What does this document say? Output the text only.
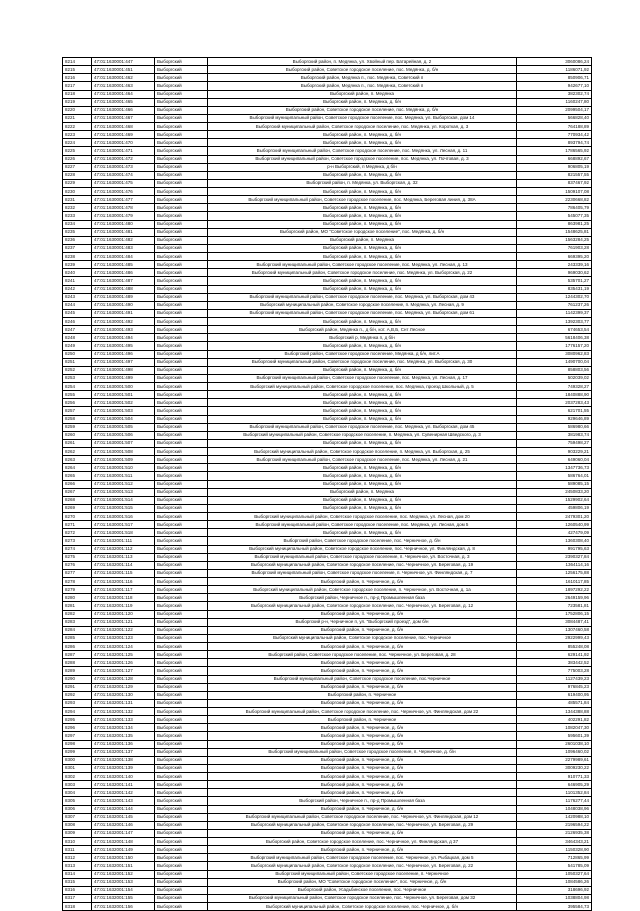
8214	47:01:1630001:447	Выборгский	Выборгский район, п. Медянка, ул. Хвойный пер. Батарейная, д. 2	3060086,24
8215	47:01:1630001:451	Выборгский	Выборгский район, Советское городское поселение, пос. Медянка, д. б/н	1186071,92
8216	47:01:1630001:462	Выборгский	Выборгский район, Медянка п., пос. Медянка, Советский п	850906,71
8217	47:01:1630001:463	Выборгский	Выборгский район, Медянка п., пос. Медянка, Советский п	942677,10
8218	47:01:1630001:464	Выборгский	Выборгский район, п. Медянка	382302,74
8219	47:01:1630001:465	Выборгский	Выборгский район, п. Медянка, д. б/н	1160247,80
8220	47:01:1630001:466	Выборгский	Выборгский район, Советское городское поселение, пос. Медянка, д. б/н	2099504,17
8221	47:01:1630001:467	Выборгский	Выборгский муниципальный район, Советское городское поселение, пос. Медянка, ул. Выборгская, дом 14	566828,40
8222	47:01:1630001:468	Выборгский	Выборгский муниципальный район, Советское городское поселение, пос. Медянка, ул. Короткая, д. 3	764188,89
8223	47:01:1630001:469	Выборгский	Выборгский район, п. Медянка, д. б/н	770934,42
8224	47:01:1630001:470	Выборгский	Выборгский район, п. Медянка, д. б/н	893794,74
8225	47:01:1630001:471	Выборгский	Выборгский муниципальный район, Советское городское поселение, пос. Медянка, ул. Лесная, д. 11	1786565,92
8226	47:01:1630001:472	Выборгский	Выборгский муниципальный район, Советское городское поселение, пос. Медянка, ул. Почтовая, д. 3	668892,67
8227	47:01:1630001:473	Выборгский	р-н Выборгский, п Медянка, д б/н	906805,19
8228	47:01:1630001:474	Выборгский	Выборгский район, п. Медянка, д. б/н	821557,55
8229	47:01:1630001:475	Выборгский	Выборгский район, п. Медянка, ул. Выборгская, д. 32	837467,92
8230	47:01:1630001:476	Выборгский	Выборгский район, п. Медянка, д. б/н	1509107,08
8231	47:01:1630001:477	Выборгский	Выборгский муниципальный район, Советское городское поселение, пос. Медянка, Береговая линия, д. 38А	2230668,82
8232	47:01:1630001:478	Выборгский	Выборгский район, п. Медянка, д. б/н	786405,79
8233	47:01:1630001:479	Выборгский	Выборгский район, п. Медянка, д. б/н	545077,35
8234	47:01:1630001:480	Выборгский	Выборгский район, п. Медянка, д. б/н	863981,25
8235	47:01:1630001:481	Выборгский	Выборгский район, МО "Советское городское поселение", пос. Медянка, д. б/н	1548625,81
8236	47:01:1630001:482	Выборгский	Выборгский район, п. Медянка	1563284,25
8237	47:01:1630001:483	Выборгский	Выборгский район, п. Медянка, д. б/н	761903,28
8238	47:01:1630001:484	Выборгский	Выборгский район, п. Медянка, д. б/н	669395,20
8239	47:01:1630001:485	Выборгский	Выборгский муниципальный район, Советское городское поселение, пос. Медянка, ул. Лесная, д. 13	243339,16
8240	47:01:1630001:486	Выборгский	Выборгский муниципальный район, Советское городское поселение, пос. Медянка, ул. Выборгская, д. 22	969030,62
8241	47:01:1630001:487	Выборгский	Выборгский район, п. Медянка, д. б/н	535701,27
8242	47:01:1630001:488	Выборгский	Выборгский район, п. Медянка, д. б/н	835431,19
8243	47:01:1630001:489	Выборгский	Выборгский муниципальный район, Советское городское поселение, пос. Медянка, ул. Выборгская, дом 43	1244302,70
8244	47:01:1630001:490	Выборгский	Выборгский муниципальный район, Советское городское поселение, п. Медянка, ул. Лесная, д. 9	761237,26
8245	47:01:1630001:491	Выборгский	Выборгский муниципальный район, Советское городское поселение, пос. Медянка, ул. Выборгская, дом 61	1142399,37
8246	47:01:1630001:492	Выборгский	Выборгский район, п. Медянка, д. б/н	1392303,77
8247	47:01:1630001:493	Выборгский	Выборгский район, Медянка п., д б/н, кот. А,В,Б, Снт Лесное	674653,54
8248	47:01:1630001:494	Выборгский	Выборгский р, Медянка п, д б/н	5618406,38
8249	47:01:1630001:495	Выборгский	Выборгский район, п. Медянка, д. б/н	1776157,20
8250	47:01:1630001:496	Выборгский	Выборгский район, Советское городское поселение, Медянка, д б/н, лит.А	3080962,83
8251	47:01:1630001:497	Выборгский	Выборгский муниципальный район, Советское городское поселение, пос. Медянка, ул. Выборгская, д. 30	1490700,04
8252	47:01:1630001:498	Выборгский	Выборгский район, п. Медянка, д. б/н	858803,56
8253	47:01:1630001:499	Выборгский	Выборгский муниципальный район, Советское городское поселение, пос. Медянка, ул. Лесная, д. 17	502039,02
8254	47:01:1630001:500	Выборгский	Выборгский муниципальный район, Советское городское поселение, пос. Медянка, проезд Школьный, д. 5	749328,27
8255	47:01:1630001:501	Выборгский	Выборгский район, п. Медянка, д. б/н	1840888,90
8256	47:01:1630001:502	Выборгский	Выборгский район, п. Медянка, д. б/н	2037283,43
8257	47:01:1630001:503	Выборгский	Выборгский район, п. Медянка, д. б/н	621701,55
8258	47:01:1630001:504	Выборгский	Выборгский район, п. Медянка, д. б/н	929646,89
8259	47:01:1630001:505	Выборгский	Выборгский муниципальный район, Советское городское поселение, пос. Медянка, ул. Выборгская, дом 45	586980,66
8260	47:01:1630001:506	Выборгский	Выборгский муниципальный район, Советское городское поселение, п. Медянка, ул. Сувенирная Шведского, д. 3	381983,74
8261	47:01:1630001:507	Выборгский	Выборгский район, п. Медянка, д. б/н	759498,27
8262	47:01:1630001:508	Выборгский	Выборгский муниципальный район, Советское городское поселение, п. Медянка, ул. Выборгская, д. 25	903229,21
8263	47:01:1630001:509	Выборгский	Выборгский муниципальный район, Советское городское поселение, пос. Медянка, ул. Лесная, д. 21	649060,04
8264	47:01:1630001:510	Выборгский	Выборгский район, п. Медянка, д. б/н	1347736,73
8265	47:01:1630001:511	Выборгский	Выборгский район, п. Медянка, д. б/н	586764,01
8266	47:01:1630001:512	Выборгский	Выборгский район, п. Медянка, д. б/н	589085,15
8267	47:01:1630001:513	Выборгский	Выборгский район, п. Медянка	2450833,20
8268	47:01:1630001:514	Выборгский	Выборгский район, п. Медянка, д. б/н	1529902,64
8269	47:01:1630001:515	Выборгский	Выборгский район, п. Медянка, д. б/н	459806,19
8270	47:01:1630001:516	Выборгский	Выборгский муниципальный район, Советское городское поселение, пос. Медянка, ул. Лесная, дом 20	2479301,20
8271	47:01:1630001:517	Выборгский	Выборгский муниципальный район, Советское городское поселение, пос. Медянка, ул. Лесная, дом 5	1260540,99
8272	47:01:1630001:518	Выборгский	Выборгский район, п. Медянка, д. б/н	427479,09
8273	47:01:1632001:111	Выборгский	Выборгский район, Советское городское поселение, пос. Черничное, д. б/н	1360308,40
8274	47:01:1632001:112	Выборгский	Выборгский муниципальный район, Советское городское поселение, пос. Черничное, ул. Финляндская, д. 8	991795,63
8275	47:01:1632001:113	Выборгский	Выборгский муниципальный район, Советское городское поселение, п. Черничное, ул. Восточная, д. 3	2390327,84
8276	47:01:1632001:114	Выборгский	Выборгский муниципальный район, Советское городское поселение, пос. Черничное, ул. Береговая, д. 19	1364114,16
8277	47:01:1632001:115	Выборгский	Выборгский муниципальный район, Советское городское поселение, п. Черничное, ул. Финляндская, д. 7	1256175,88
8278	47:01:1632001:116	Выборгский	Выборгский район, п. Черничное, д. б/н	1610117,85
8279	47:01:1632001:117	Выборгский	Выборгский муниципальный район, Советское городское поселение, п. Черничное, ул. Восточная, д. 1а	1897292,22
8280	47:01:1632001:118	Выборгский	Выборгский район, Черничное п., пр-д Промышленная база	2649159,96
8281	47:01:1632001:119	Выборгский	Выборгский муниципальный район, Советское городское поселение, пос. Черничное, ул. Береговая, д. 12	723581,81
8282	47:01:1632001:120	Выборгский	Выборгский район, п. Черничное, д. б/н	1752806,15
8283	47:01:1632001:121	Выборгский	Выборгский р-н, Черничное п, ул. "Выборгский проезд", дом б/н	3084487,41
8284	47:01:1632001:122	Выборгский	Выборгский район, п. Черничное, д. б/н	1307460,58
8285	47:01:1632001:123	Выборгский	Выборгский муниципальный район, Советское городское поселение, пос. Черничное	2922999,43
8286	47:01:1632001:124	Выборгский	Выборгский район, п. Черничное, д. б/н	855248,08
8287	47:01:1632001:125	Выборгский	Выборгский район, Советское городское поселение, пос. Черничное, ул. Береговая, д. 28	629141,92
8288	47:01:1632001:126	Выборгский	Выборгский район, п. Черничное, д. б/н	383442,52
8289	47:01:1632001:127	Выборгский	Выборгский район, п. Черничное, д. б/н	775003,28
8290	47:01:1632001:128	Выборгский	Выборгский муниципальный район, Советское городское поселение, пос.Черничное	1127439,23
8291	47:01:1632001:129	Выборгский	Выборгский район, п. Черничное, д. б/н	976845,23
8292	47:01:1632001:130	Выборгский	Выборгский район, п. Черничное	619400,95
8293	47:01:1632001:131	Выборгский	Выборгский район, п. Черничное, д. б/н	485571,84
8294	47:01:1632001:132	Выборгский	Выборгский муниципальный район, Советское городское поселение, пос. Черничное, ул. Финляндская, дом 22	1344388,88
8295	47:01:1632001:133	Выборгский	Выборгский район, п. Черничное	402291,82
8296	47:01:1632001:134	Выборгский	Выборгский район, п. Черничное, д. б/н	1082047,30
8297	47:01:1632001:135	Выборгский	Выборгский район, п. Черничное, д. б/н	595601,39
8298	47:01:1632001:136	Выборгский	Выборгский район, п. Черничное, д. б/н	2601038,10
8299	47:01:1632001:137	Выборгский	Выборгский муниципальный район, Советское городское поселение, п. Черничное, д. б/н	1096460,02
8300	47:01:1632001:138	Выборгский	Выборгский район, п. Черничное, д. б/н	2279989,61
8301	47:01:1632001:139	Выборгский	Выборгский район, п. Черничное, д. б/н	3009230,22
8302	47:01:1632001:140	Выборгский	Выборгский район, п. Черничное, д. б/н	910771,33
8303	47:01:1632001:141	Выборгский	Выборгский район, п. Черничное, д. б/н	646905,29
8304	47:01:1632001:142	Выборгский	Выборгский район, п. Черничное, д. б/н	1101352,84
8305	47:01:1632001:143	Выборгский	Выборгский район, Черничное п., пр-д Промышленная база	1176277,44
8306	47:01:1632001:144	Выборгский	Выборгский район, п. Черничное, д. б/н	1048038,96
8307	47:01:1632001:145	Выборгский	Выборгский муниципальный район, Советское городское поселение, пос. Черничное, ул. Финляндская, дом 12	1420988,10
8308	47:01:1632001:146	Выборгский	Выборгский муниципальный район, Советское городское поселение, пос. Черничное, ул. Береговая, д. 29	2196594,22
8309	47:01:1632001:147	Выборгский	Выборгский район, п. Черничное, д. б/н	2126935,38
8310	47:01:1632001:148	Выборгский	Выборгский район, Советское городское поселение, пос. Черничное, ул. Финляндская, д 37	3464343,21
8311	47:01:1632001:149	Выборгский	Выборгский район, п. Черничное, д. б/н	1150328,90
8312	47:01:1632001:150	Выборгский	Выборгский муниципальный район, Советское городское поселение, пос. Черничное, ул. Рыбацкая, дом 5	712865,99
8313	47:01:1632001:151	Выборгский	Выборгский муниципальный район, Советское городское поселение, пос. Черничное, ул. Береговая, д. 22	541785,09
8314	47:01:1632001:152	Выборгский	Выборгский муниципальный район, Советское городское поселение, п. Черничное	1050327,64
8315	47:01:1632001:153	Выборгский	Выборгский район, МО "Советское городское поселение", пос. Черничное, д. б/н	1084586,26
8316	47:01:1632001:154	Выборгский	Выборгский район, Усадьбинское поселение, пос. Черничное	318696,92
8317	47:01:1632001:155	Выборгский	Выборгский муниципальный район, Советское городское поселение, пос. Черничное, ул. Береговая, дом 32	1038804,98
8318	47:01:1632001:156	Выборгский	Выборгский муниципальный район, Советское городское поселение, пос. Черничное, д. б/н	395584,73
